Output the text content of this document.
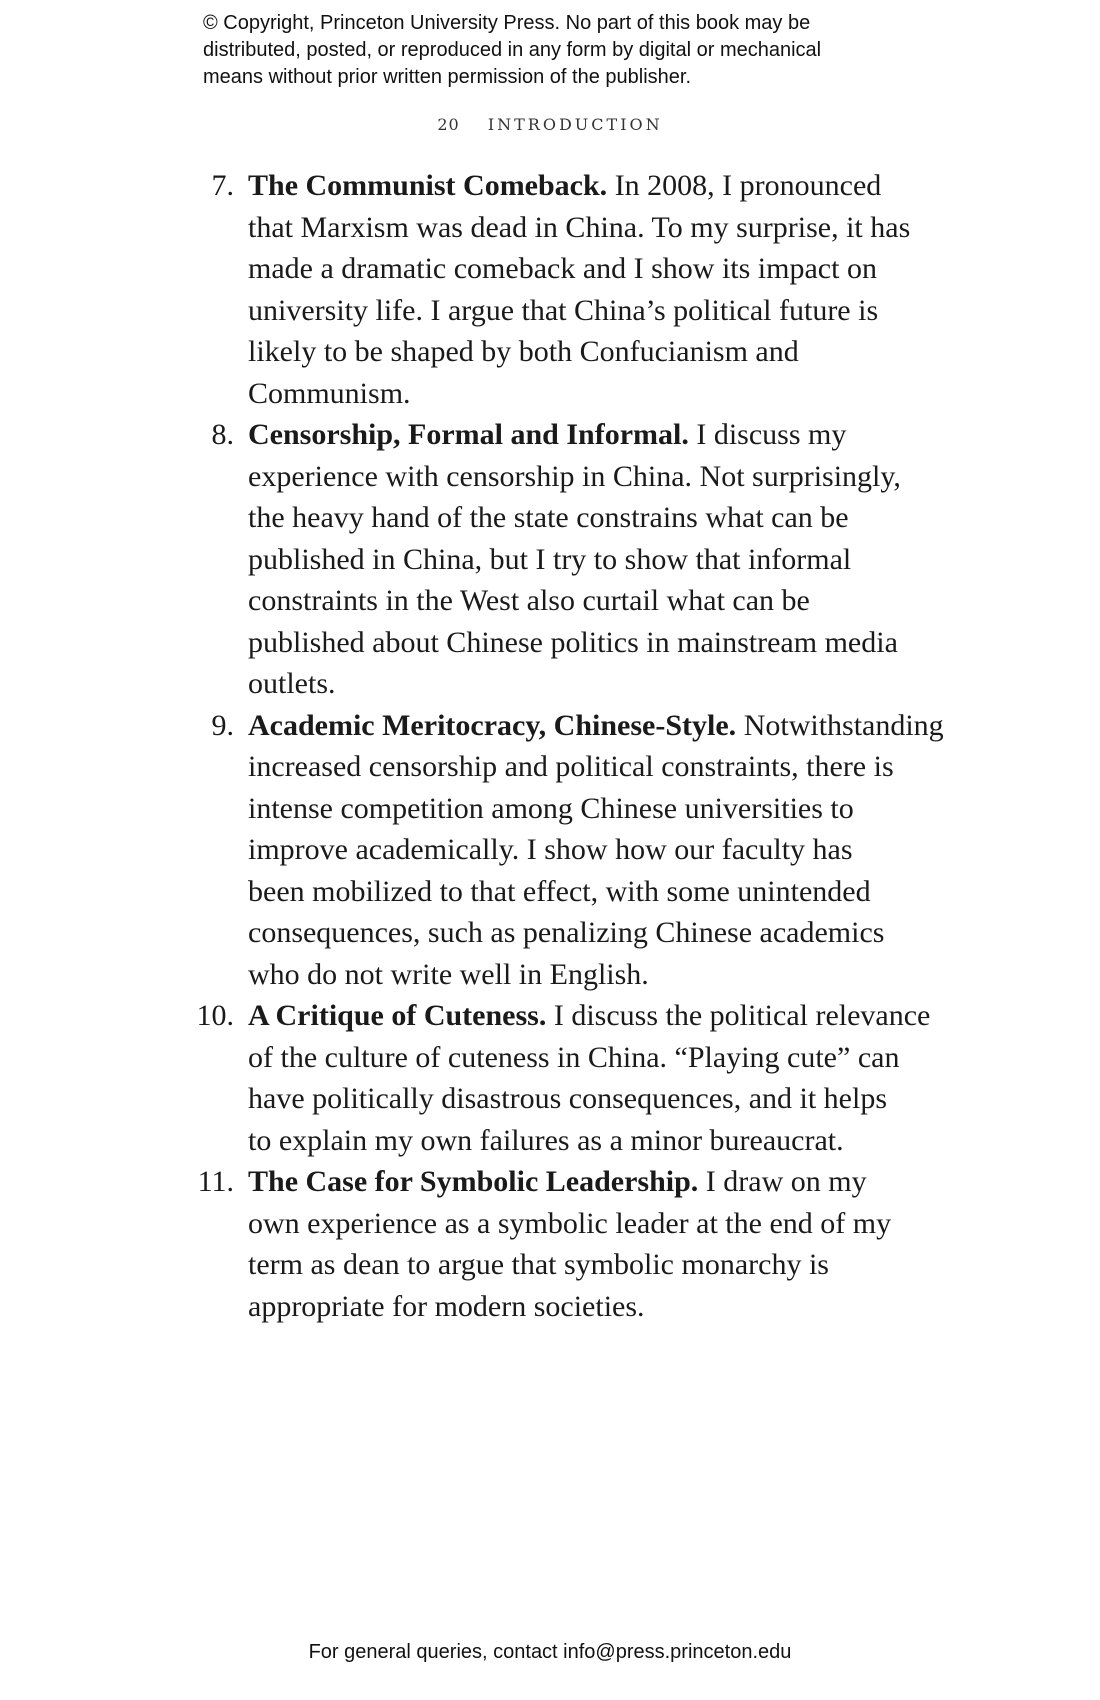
© Copyright, Princeton University Press. No part of this book may be
distributed, posted, or reproduced in any form by digital or mechanical
means without prior written permission of the publisher.
20 INTRODUCTION
7. The Communist Comeback. In 2008, I pronounced
that Marxism was dead in China. To my surprise, it has
made a dramatic comeback and I show its impact on
university life. I argue that China’s political future is
likely to be shaped by both Confucianism and
Communism.
8. Censorship, Formal and Informal. I discuss my
experience with censorship in China. Not surprisingly,
the heavy hand of the state constrains what can be
published in China, but I try to show that informal
constraints in the West also curtail what can be
published about Chinese politics in mainstream media
outlets.
9. Academic Meritocracy, Chinese-Style. Notwithstanding
increased censorship and political constraints, there is
intense competition among Chinese universities to
improve academically. I show how our faculty has
been mobilized to that effect, with some unintended
consequences, such as penalizing Chinese academics
who do not write well in English.
10. A Critique of Cuteness. I discuss the political relevance
of the culture of cuteness in China. “Playing cute” can
have politically disastrous consequences, and it helps
to explain my own failures as a minor bureaucrat.
11. The Case for Symbolic Leadership. I draw on my
own experience as a symbolic leader at the end of my
term as dean to argue that symbolic monarchy is
appropriate for modern societies.
For general queries, contact info@press.princeton.edu
